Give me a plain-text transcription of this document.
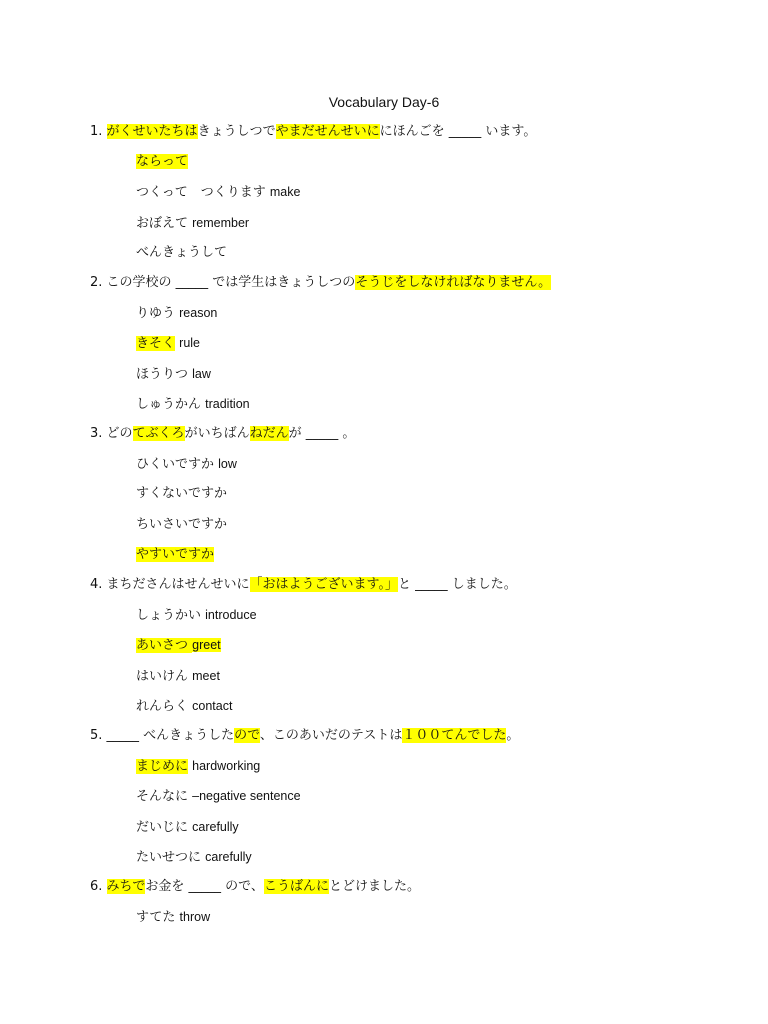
Vocabulary Day-6
1. がくせいたちはきょうしつでやまだせんせいににほんごを _____ います。
ならって
つくって　つくります make
おぼえて remember
べんきょうして
2. この学校の _____ では学生はきょうしつのそうじをしなければなりません。
りゆう reason
きそく rule
ほうりつ law
しゅうかん tradition
3. どのてぶくろがいちばんねだんが _____ 。
ひくいですか low
すくないですか
ちいさいですか
やすいですか
4. まちださんはせんせいに「おはようございます。」と _____ しました。
しょうかい introduce
あいさつ greet
はいけん meet
れんらく contact
5. _____ べんきょうしたので、このあいだのテストは１００てんでした。
まじめに hardworking
そんなに –negative sentence
だいじに carefully
たいせつに carefully
6. みちでお金を _____ ので、こうばんにとどけました。
すてた throw
